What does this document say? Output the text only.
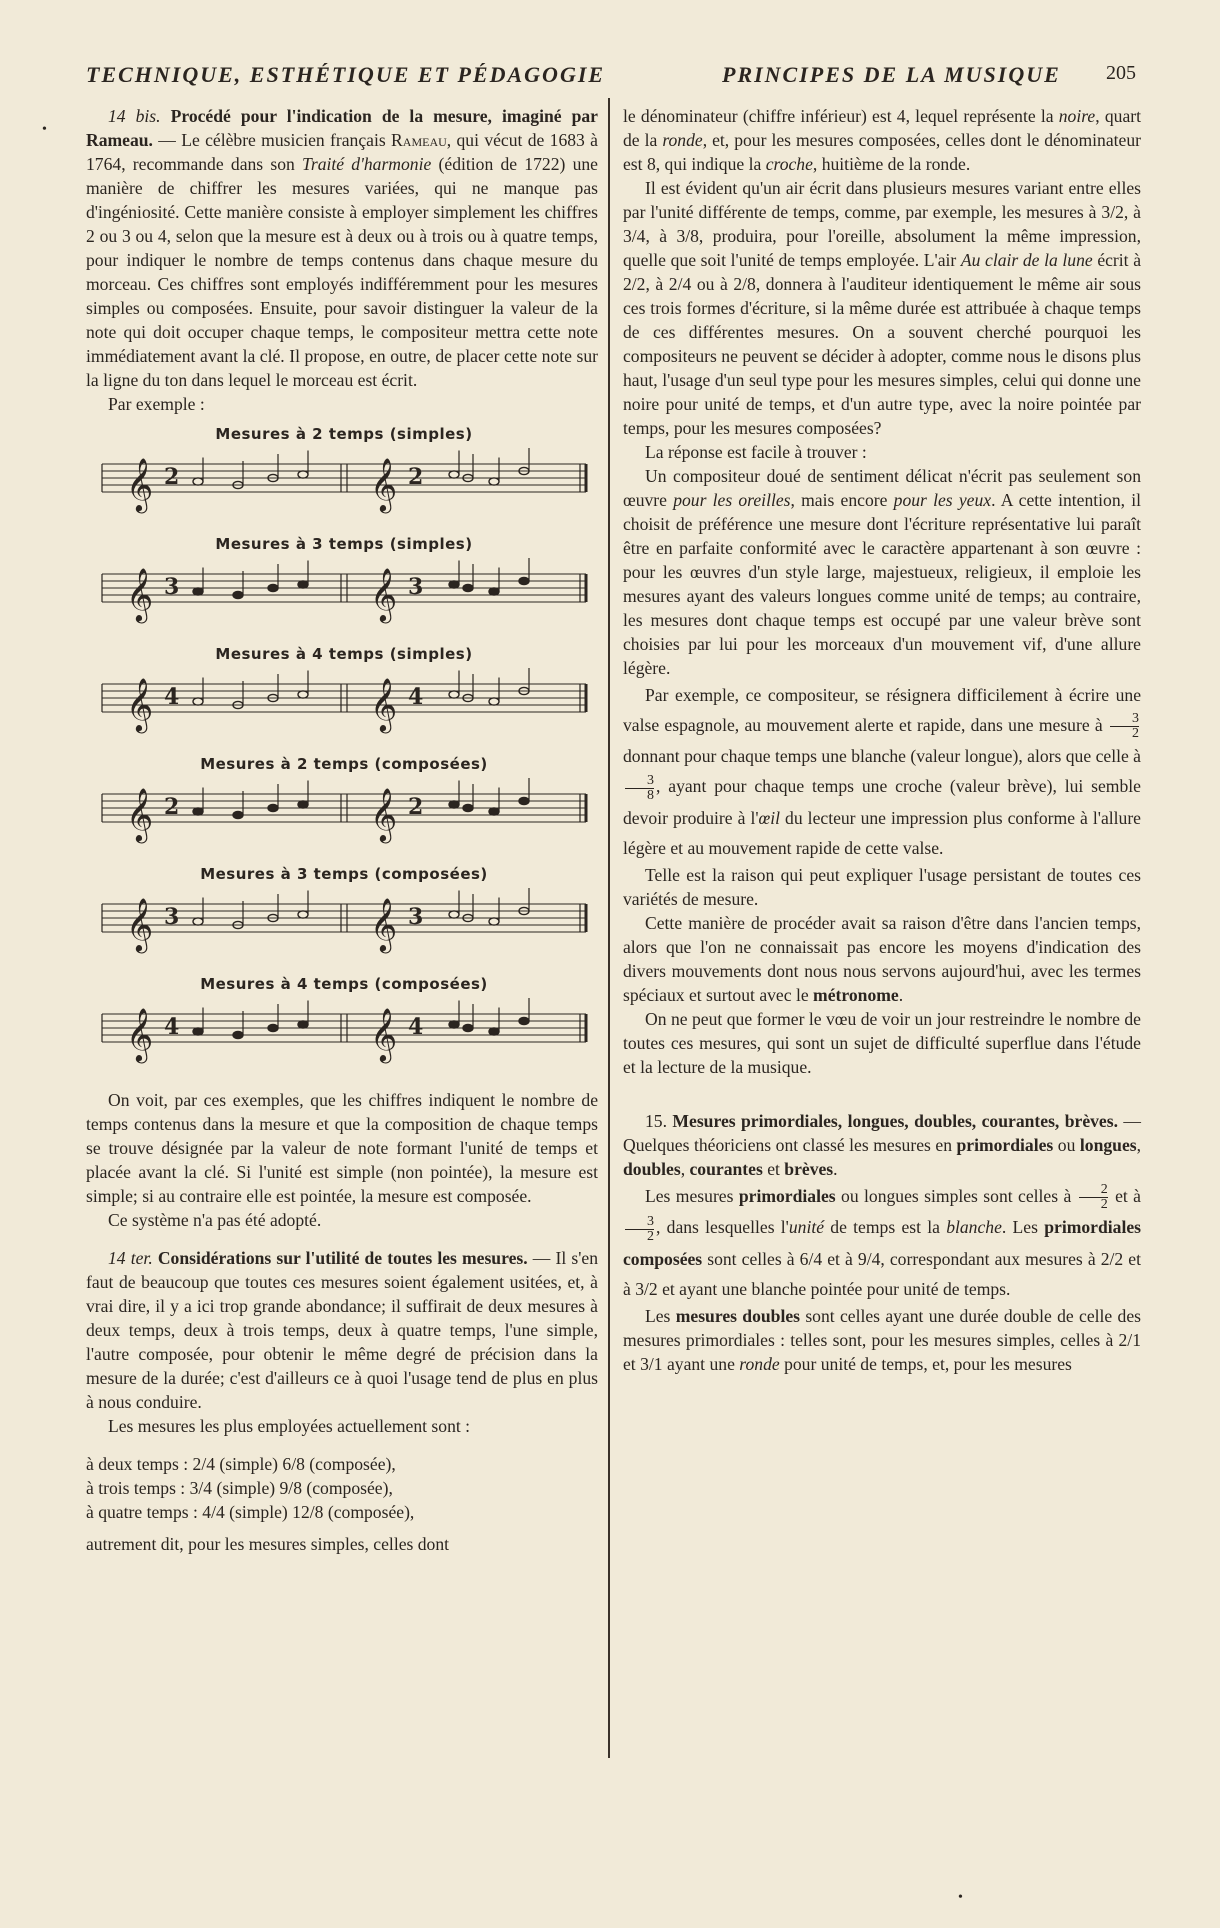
TECHNIQUE, ESTHÉTIQUE ET PÉDAGOGIE	PRINCIPES DE LA MUSIQUE 205
•

14 bis. Procédé pour l'indication de la mesure, imaginé par Rameau. — Le célèbre musicien français Rameau, qui vécut de 1683 à 1764, recommande dans son Traité d'harmonie (édition de 1722) une manière de chiffrer les mesures variées, qui ne manque pas d'ingéniosité. Cette manière consiste à employer simplement les chiffres 2 ou 3 ou 4, selon que la mesure est à deux ou à trois ou à quatre temps, pour indiquer le nombre de temps contenus dans chaque mesure du morceau. Ces chiffres sont employés indifféremment pour les mesures simples ou composées. Ensuite, pour savoir distinguer la valeur de la note qui doit occuper chaque temps, le compositeur mettra cette note immédiatement avant la clé. Il propose, en outre, de placer cette note sur la ligne du ton dans lequel le morceau est écrit.

Par exemple :

Mesures à 2 temps (simples)
𝄞 2	𝄞 2
Mesures à 3 temps (simples)
𝄞 3	𝄞 3
Mesures à 4 temps (simples)
𝄞 4	𝄞 4
Mesures à 2 temps (composées)
𝄞 2	𝄞 2
Mesures à 3 temps (composées)
𝄞 3	𝄞 3
Mesures à 4 temps (composées)
𝄞 4	𝄞 4

On voit, par ces exemples, que les chiffres indiquent le nombre de temps contenus dans la mesure et que la composition de chaque temps se trouve désignée par la valeur de note formant l'unité de temps et placée avant la clé. Si l'unité est simple (non pointée), la mesure est simple; si au contraire elle est pointée, la mesure est composée.

Ce système n'a pas été adopté.

14 ter. Considérations sur l'utilité de toutes les mesures. — Il s'en faut de beaucoup que toutes ces mesures soient également usitées, et, à vrai dire, il y a ici trop grande abondance; il suffirait de deux mesures à deux temps, deux à trois temps, deux à quatre temps, l'une simple, l'autre composée, pour obtenir le même degré de précision dans la mesure de la durée; c'est d'ailleurs ce à quoi l'usage tend de plus en plus à nous conduire.

Les mesures les plus employées actuellement sont :

à deux temps : 2/4 (simple) 6/8 (composée),

à trois temps : 3/4 (simple) 9/8 (composée),

à quatre temps : 4/4 (simple) 12/8 (composée),

autrement dit, pour les mesures simples, celles dont

le dénominateur (chiffre inférieur) est 4, lequel représente la noire, quart de la ronde, et, pour les mesures composées, celles dont le dénominateur est 8, qui indique la croche, huitième de la ronde.

Il est évident qu'un air écrit dans plusieurs mesures variant entre elles par l'unité différente de temps, comme, par exemple, les mesures à 3/2, à 3/4, à 3/8, produira, pour l'oreille, absolument la même impression, quelle que soit l'unité de temps employée. L'air Au clair de la lune écrit à 2/2, à 2/4 ou à 2/8, donnera à l'auditeur identiquement le même air sous ces trois formes d'écriture, si la même durée est attribuée à chaque temps de ces différentes mesures. On a souvent cherché pourquoi les compositeurs ne peuvent se décider à adopter, comme nous le disons plus haut, l'usage d'un seul type pour les mesures simples, celui qui donne une noire pour unité de temps, et d'un autre type, avec la noire pointée par temps, pour les mesures composées?

La réponse est facile à trouver :

Un compositeur doué de sentiment délicat n'écrit pas seulement son œuvre pour les oreilles, mais encore pour les yeux. A cette intention, il choisit de préférence une mesure dont l'écriture représentative lui paraît être en parfaite conformité avec le caractère appartenant à son œuvre : pour les œuvres d'un style large, majestueux, religieux, il emploie les mesures ayant des valeurs longues comme unité de temps; au contraire, les mesures dont chaque temps est occupé par une valeur brève sont choisies par lui pour les morceaux d'un mouvement vif, d'une allure légère.

Par exemple, ce compositeur, se résignera difficilement à écrire une valse espagnole, au mouvement alerte et rapide, dans une mesure à $\frac{3}{2}$
donnant pour chaque temps une blanche (valeur longue), alors que celle à
$\frac{3}{8}$ , ayant pour chaque temps une croche (valeur brève), lui semble devoir produire à l'œil du lecteur une impression plus conforme à l'allure légère et au mouvement rapide de cette valse.

Telle est la raison qui peut expliquer l'usage persistant de toutes ces variétés de mesure.

Cette manière de procéder avait sa raison d'être dans l'ancien temps, alors que l'on ne connaissait pas encore les moyens d'indication des divers mouvements dont nous nous servons aujourd'hui, avec les termes spéciaux et surtout avec le métronome.

On ne peut que former le vœu de voir un jour restreindre le nombre de toutes ces mesures, qui sont un sujet de difficulté superflue dans l'étude et la lecture de la musique.

15. Mesures primordiales, longues, doubles, courantes, brèves. — Quelques théoriciens ont classé les mesures en primordiales ou longues, doubles, courantes et brèves.

Les mesures primordiales ou longues simples sont celles à $\frac{2}{2}$ et à
$\frac{3}{2}$ , dans lesquelles l'unité de temps est la blanche. Les primordiales composées sont celles à 6/4 et à 9/4, correspondant aux mesures à 2/2 et à 3/2 et ayant une blanche pointée pour unité de temps.

Les mesures doubles sont celles ayant une durée double de celle des mesures primordiales : telles sont, pour les mesures simples, celles à 2/1 et 3/1 ayant une ronde pour unité de temps, et, pour les mesures

•
